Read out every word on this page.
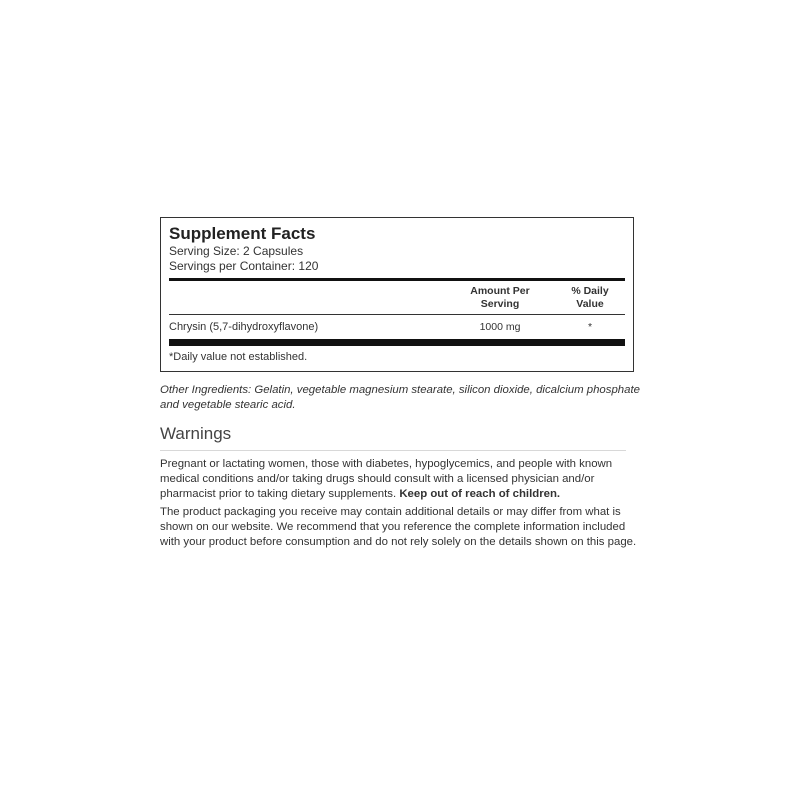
Supplement Facts
Serving Size: 2 Capsules
Servings per Container: 120
Amount Per
Serving
% Daily
Value
Chrysin (5,7-dihydroxyflavone)	1000 mg	*
*Daily value not established.
Other Ingredients: Gelatin, vegetable magnesium stearate, silicon dioxide, dicalcium phosphate and vegetable stearic acid.
Warnings
Pregnant or lactating women, those with diabetes, hypoglycemics, and people with known medical conditions and/or taking drugs should consult with a licensed physician and/or pharmacist prior to taking dietary supplements. Keep out of reach of children.
The product packaging you receive may contain additional details or may differ from what is shown on our website. We recommend that you reference the complete information included with your product before consumption and do not rely solely on the details shown on this page.
